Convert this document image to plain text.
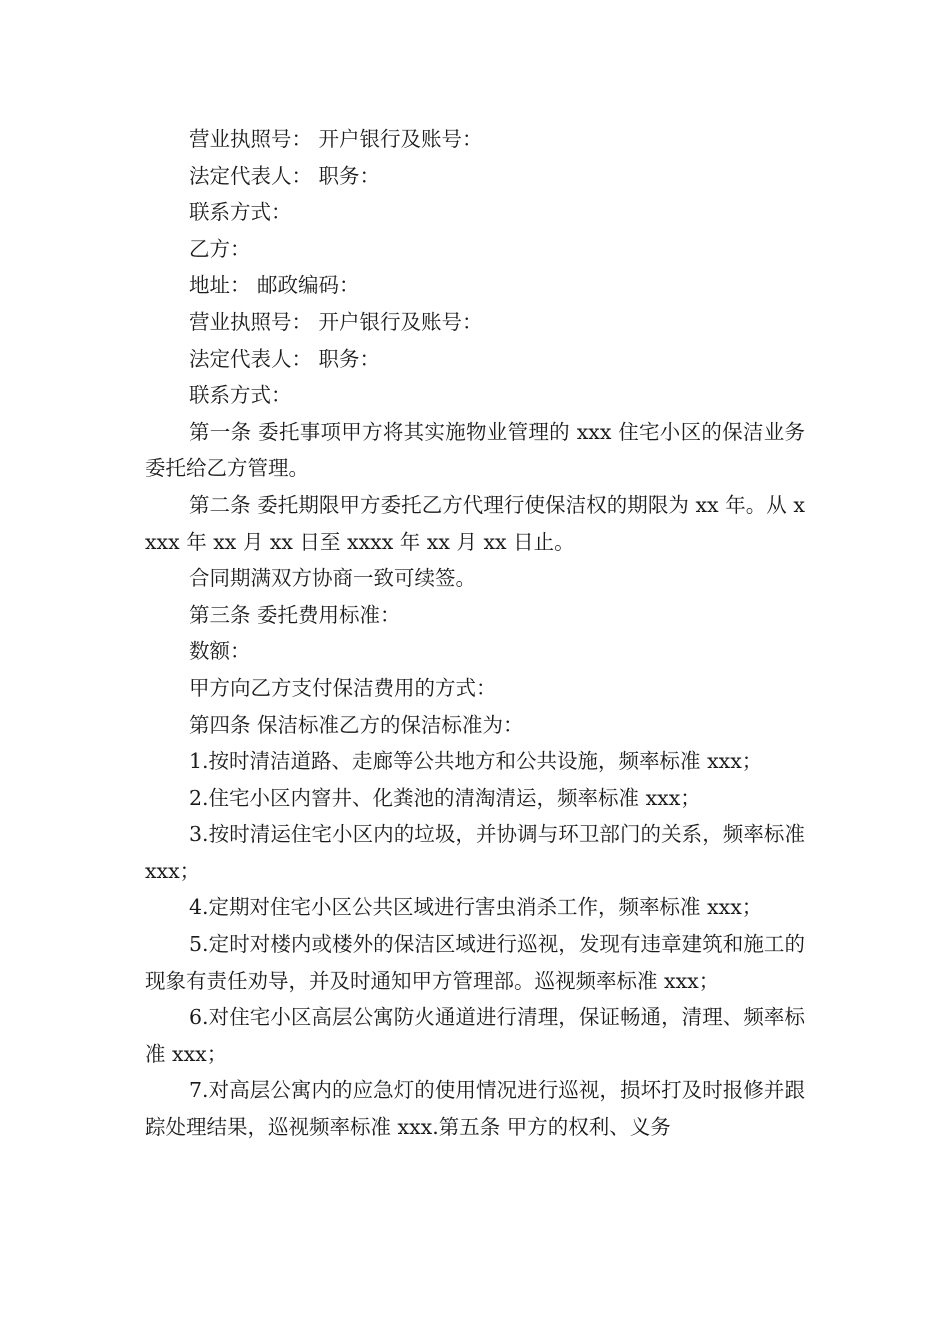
营业执照号： 开户银行及账号：

法定代表人： 职务：

联系方式：

乙方：

地址： 邮政编码：

营业执照号： 开户银行及账号：

法定代表人： 职务：

联系方式：

第一条 委托事项甲方将其实施物业管理的 xxx 住宅小区的保洁业务委托给乙方管理。

第二条 委托期限甲方委托乙方代理行使保洁权的期限为 xx 年。从 xxxx 年 xx 月 xx 日至 xxxx 年 xx 月 xx 日止。

合同期满双方协商一致可续签。

第三条 委托费用标准：

数额：

甲方向乙方支付保洁费用的方式：

第四条 保洁标准乙方的保洁标准为：

1.按时清洁道路、走廊等公共地方和公共设施，频率标准 xxx；

2.住宅小区内窨井、化粪池的清淘清运，频率标准 xxx；

3.按时清运住宅小区内的垃圾，并协调与环卫部门的关系，频率标准 xxx；

4.定期对住宅小区公共区域进行害虫消杀工作，频率标准 xxx；

5.定时对楼内或楼外的保洁区域进行巡视，发现有违章建筑和施工的现象有责任劝导，并及时通知甲方管理部。巡视频率标准 xxx；

6.对住宅小区高层公寓防火通道进行清理，保证畅通，清理、频率标准 xxx；

7.对高层公寓内的应急灯的使用情况进行巡视，损坏打及时报修并跟踪处理结果，巡视频率标准 xxx.第五条 甲方的权利、义务
